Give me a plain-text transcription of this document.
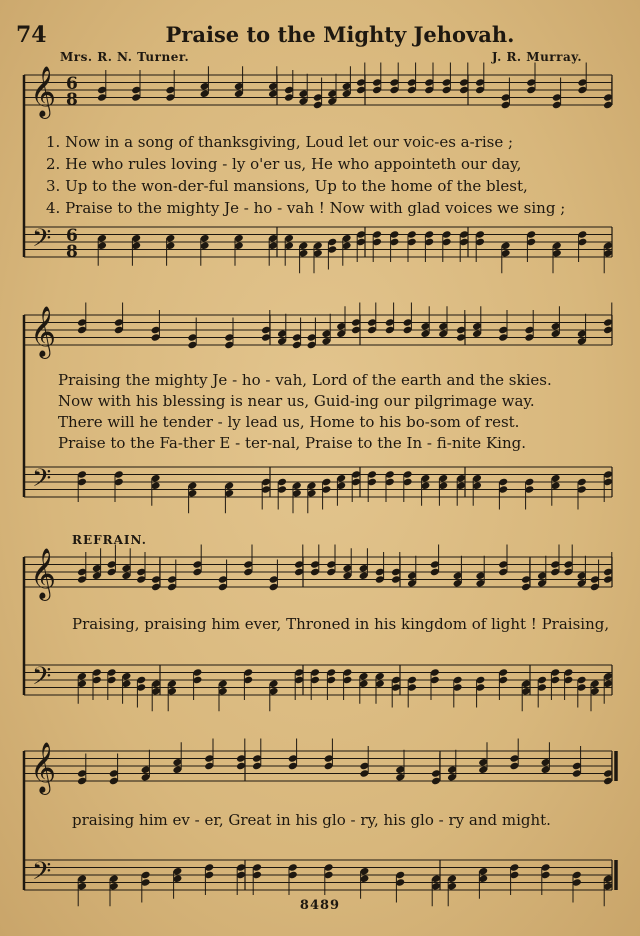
𝄞
𝄢
6
8
6
8
𝄞
𝄢
𝄞
𝄢
𝄞
𝄢
74	Praise to the Mighty Jehovah.
Mrs. R. N. Turner.	J. R. Murray.
1. Now in a song of thanksgiving, Loud let our voic-es a-rise ;
2. He who rules loving - ly o'er us, He who appointeth our day,
3. Up to the won-der-ful mansions, Up to the home of the blest,
4. Praise to the mighty Je - ho - vah ! Now with glad voices we sing ;
Praising the mighty Je - ho - vah, Lord of the earth and the skies.
Now with his blessing is near us, Guid-ing our pilgrimage way.
There will he tender - ly lead us, Home to his bo-som of rest.
Praise to the Fa-ther E - ter-nal, Praise to the In - fi-nite King.
REFRAIN.
Praising, praising him ever, Throned in his kingdom of light ! Praising,
praising him ev - er, Great in his glo - ry, his glo - ry and might.
8489
